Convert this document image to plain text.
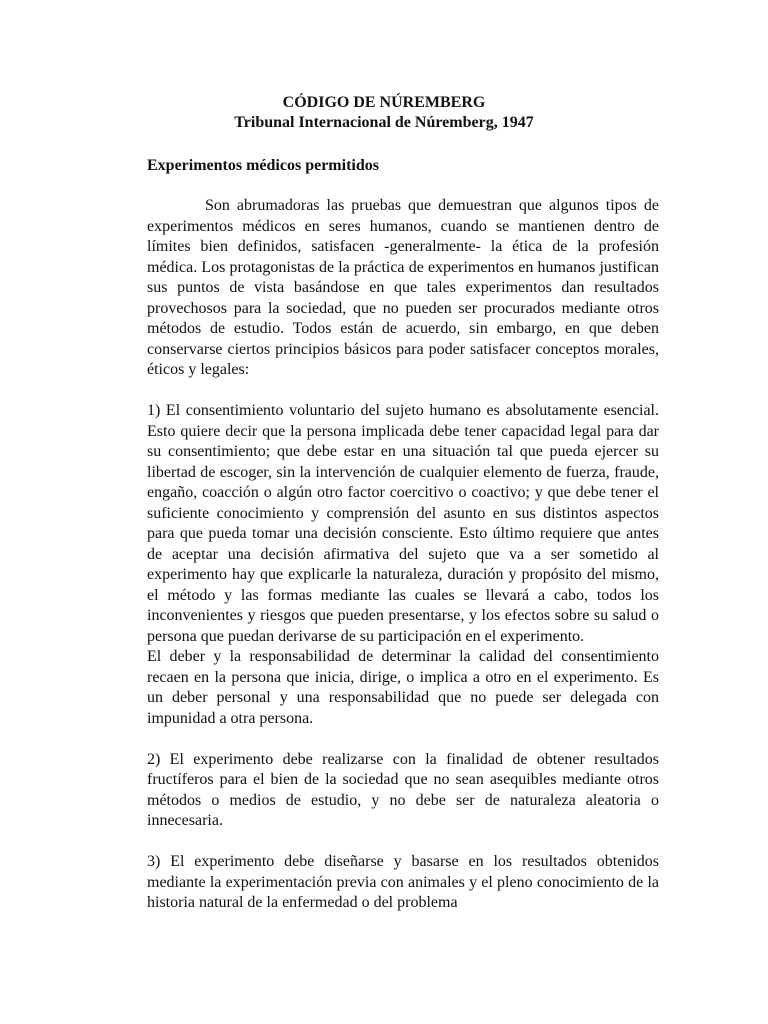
CÓDIGO DE NÚREMBERG
Tribunal Internacional de Núremberg, 1947
Experimentos médicos permitidos

Son abrumadoras las pruebas que demuestran que algunos tipos de experimentos médicos en seres humanos, cuando se mantienen dentro de límites bien definidos, satisfacen -generalmente- la ética de la profesión médica. Los protagonistas de la práctica de experimentos en humanos justifican sus puntos de vista basándose en que tales experimentos dan resultados provechosos para la sociedad, que no pueden ser procurados mediante otros métodos de estudio. Todos están de acuerdo, sin embargo, en que deben conservarse ciertos principios básicos para poder satisfacer conceptos morales, éticos y legales:

1) El consentimiento voluntario del sujeto humano es absolutamente esencial. Esto quiere decir que la persona implicada debe tener capacidad legal para dar su consentimiento; que debe estar en una situación tal que pueda ejercer su libertad de escoger, sin la intervención de cualquier elemento de fuerza, fraude, engaño, coacción o algún otro factor coercitivo o coactivo; y que debe tener el suficiente conocimiento y comprensión del asunto en sus distintos aspectos para que pueda tomar una decisión consciente. Esto último requiere que antes de aceptar una decisión afirmativa del sujeto que va a ser sometido al experimento hay que explicarle la naturaleza, duración y propósito del mismo, el método y las formas mediante las cuales se llevará a cabo, todos los inconvenientes y riesgos que pueden presentarse, y los efectos sobre su salud o persona que puedan derivarse de su participación en el experimento.

El deber y la responsabilidad de determinar la calidad del consentimiento recaen en la persona que inicia, dirige, o implica a otro en el experimento. Es un deber personal y una responsabilidad que no puede ser delegada con impunidad a otra persona.

2) El experimento debe realizarse con la finalidad de obtener resultados fructíferos para el bien de la sociedad que no sean asequibles mediante otros métodos o medios de estudio, y no debe ser de naturaleza aleatoria o innecesaria.

3) El experimento debe diseñarse y basarse en los resultados obtenidos mediante la experimentación previa con animales y el pleno conocimiento de la historia natural de la enfermedad o del problema
